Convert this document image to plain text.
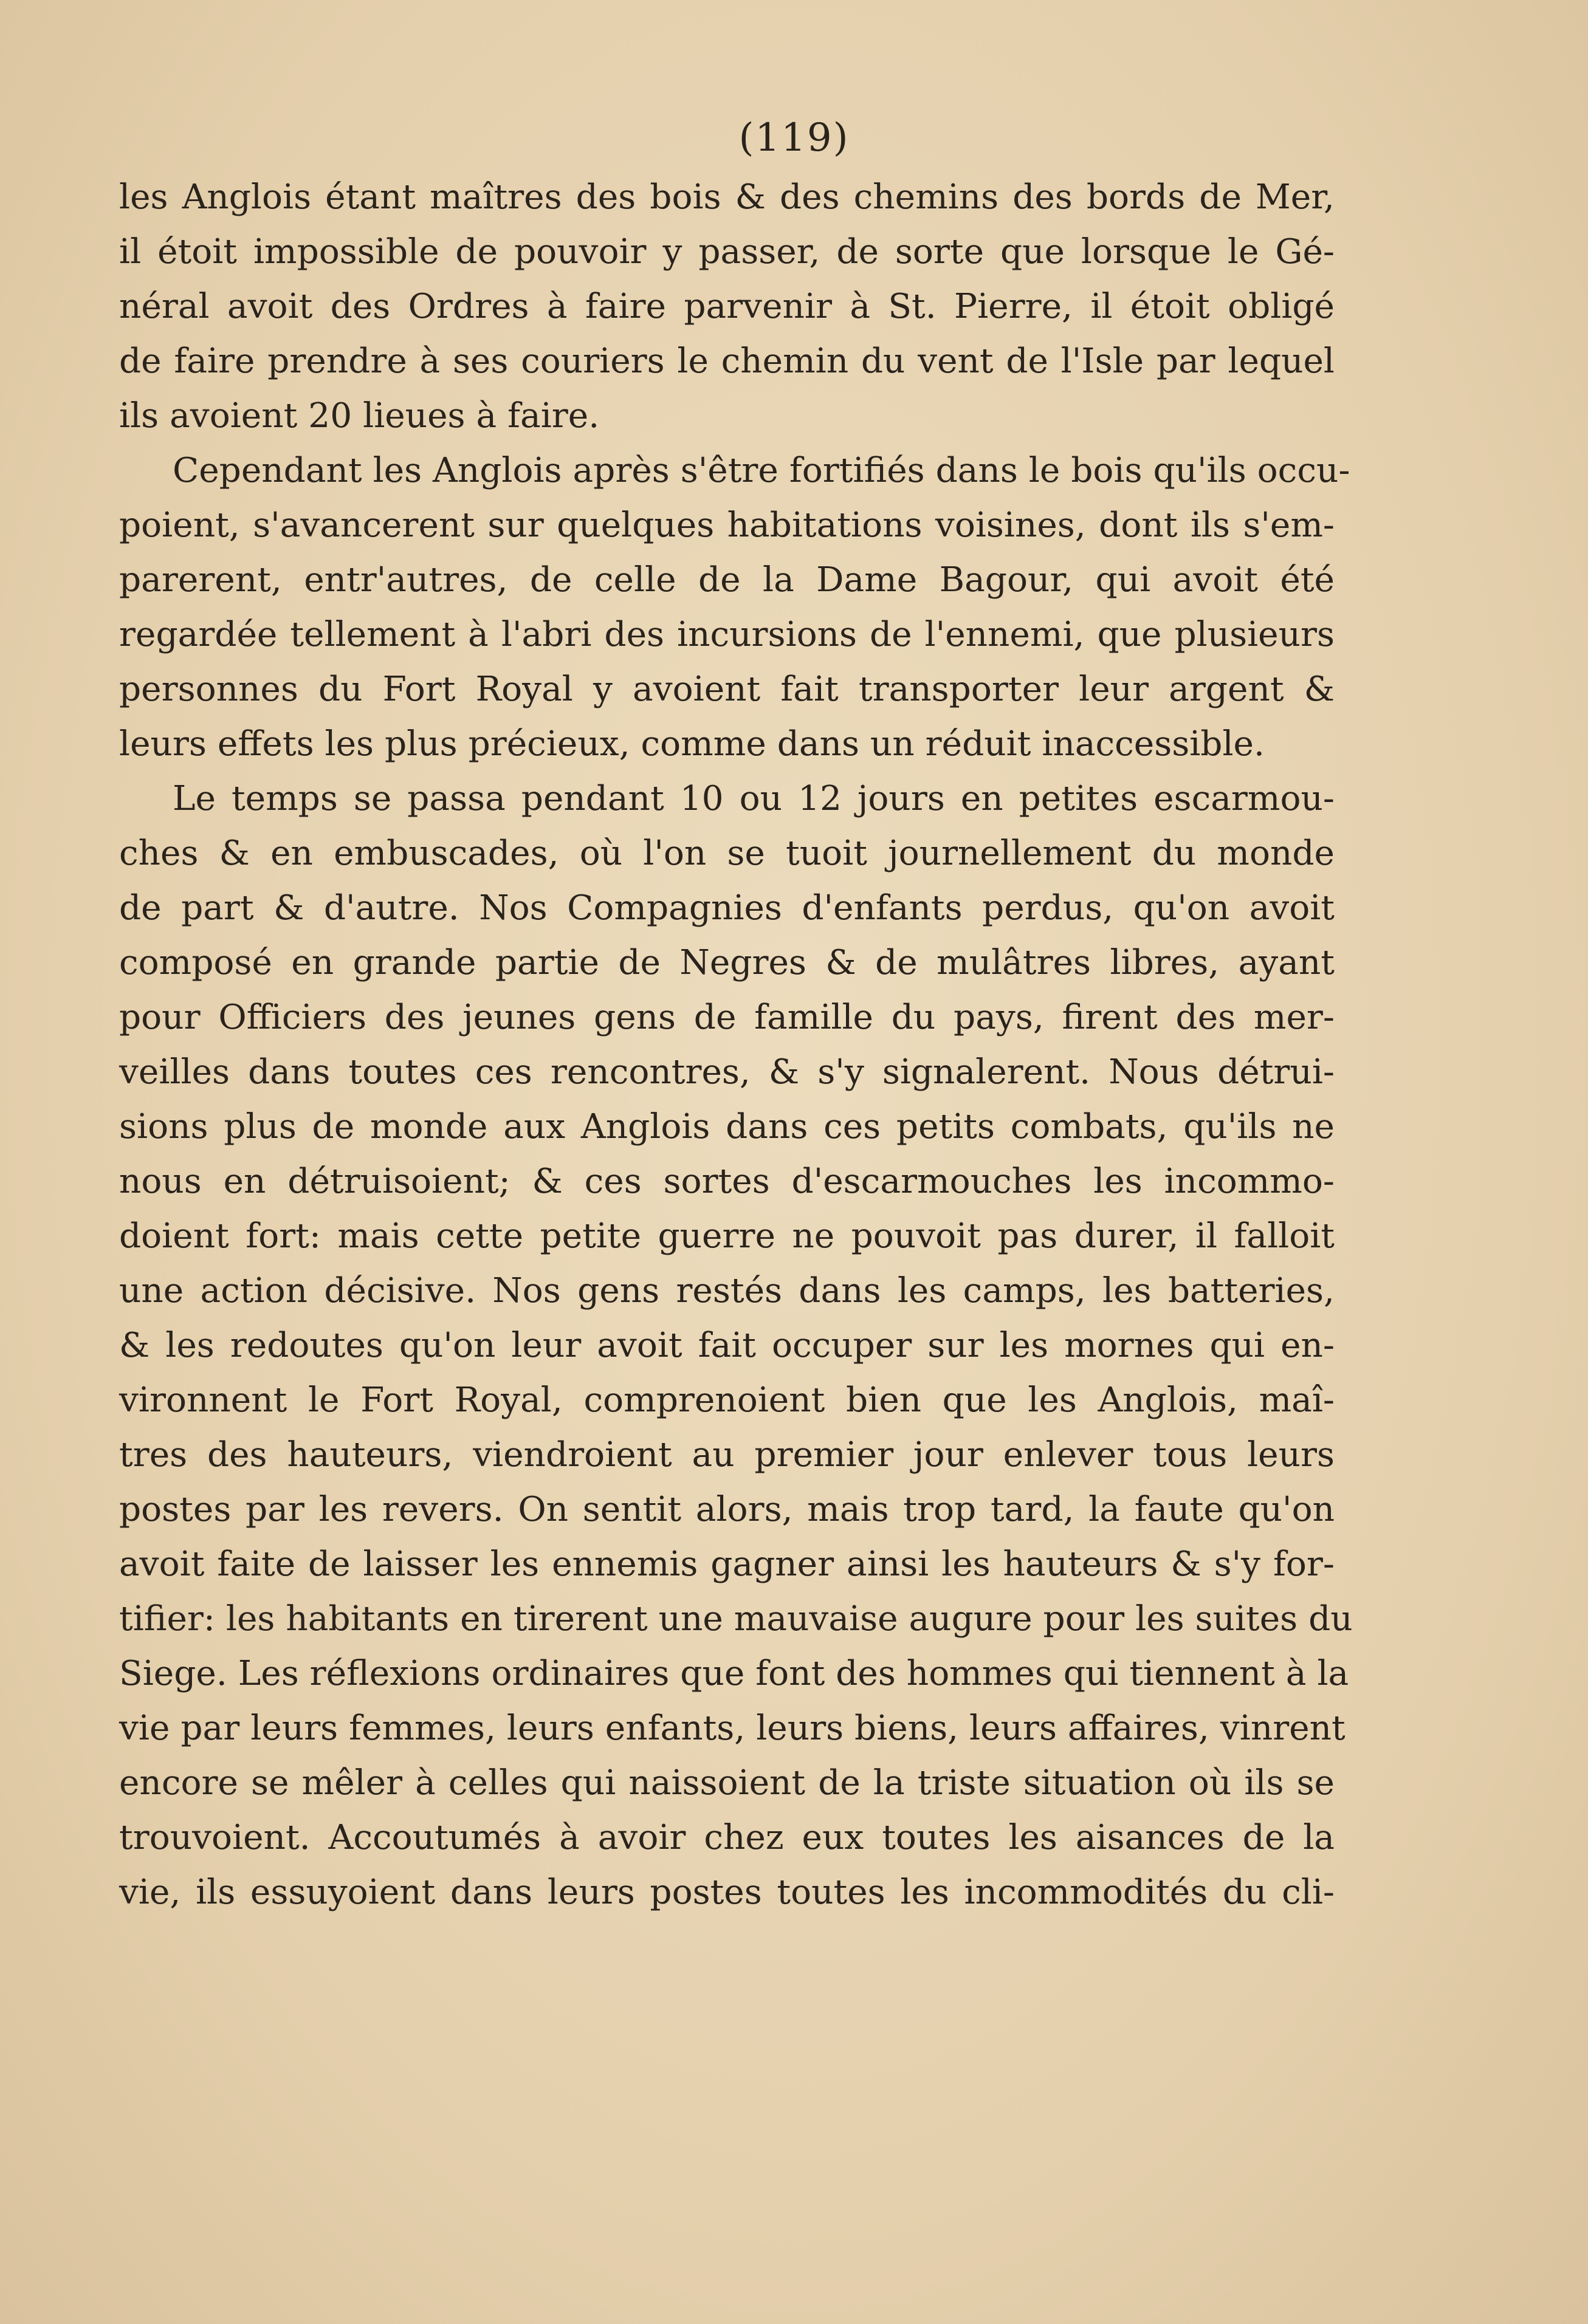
(119)
les Anglois étant maîtres des bois & des chemins des bords de Mer,
il étoit impossible de pouvoir y passer, de sorte que lorsque le Gé-
néral avoit des Ordres à faire parvenir à St. Pierre, il étoit obligé
de faire prendre à ses couriers le chemin du vent de l'Isle par lequel
ils avoient 20 lieues à faire.
Cependant les Anglois après s'être fortifiés dans le bois qu'ils occu-
poient, s'avancerent sur quelques habitations voisines, dont ils s'em-
parerent, entr'autres, de celle de la Dame Bagour, qui avoit été
regardée tellement à l'abri des incursions de l'ennemi, que plusieurs
personnes du Fort Royal y avoient fait transporter leur argent &
leurs effets les plus précieux, comme dans un réduit inaccessible.
Le temps se passa pendant 10 ou 12 jours en petites escarmou-
ches & en embuscades, où l'on se tuoit journellement du monde
de part & d'autre. Nos Compagnies d'enfants perdus, qu'on avoit
composé en grande partie de Negres & de mulâtres libres, ayant
pour Officiers des jeunes gens de famille du pays, firent des mer-
veilles dans toutes ces rencontres, & s'y signalerent. Nous détrui-
sions plus de monde aux Anglois dans ces petits combats, qu'ils ne
nous en détruisoient; & ces sortes d'escarmouches les incommo-
doient fort: mais cette petite guerre ne pouvoit pas durer, il falloit
une action décisive. Nos gens restés dans les camps, les batteries,
& les redoutes qu'on leur avoit fait occuper sur les mornes qui en-
vironnent le Fort Royal, comprenoient bien que les Anglois, maî-
tres des hauteurs, viendroient au premier jour enlever tous leurs
postes par les revers. On sentit alors, mais trop tard, la faute qu'on
avoit faite de laisser les ennemis gagner ainsi les hauteurs & s'y for-
tifier: les habitants en tirerent une mauvaise augure pour les suites du
Siege. Les réflexions ordinaires que font des hommes qui tiennent à la
vie par leurs femmes, leurs enfants, leurs biens, leurs affaires, vinrent
encore se mêler à celles qui naissoient de la triste situation où ils se
trouvoient. Accoutumés à avoir chez eux toutes les aisances de la
vie, ils essuyoient dans leurs postes toutes les incommodités du cli-
